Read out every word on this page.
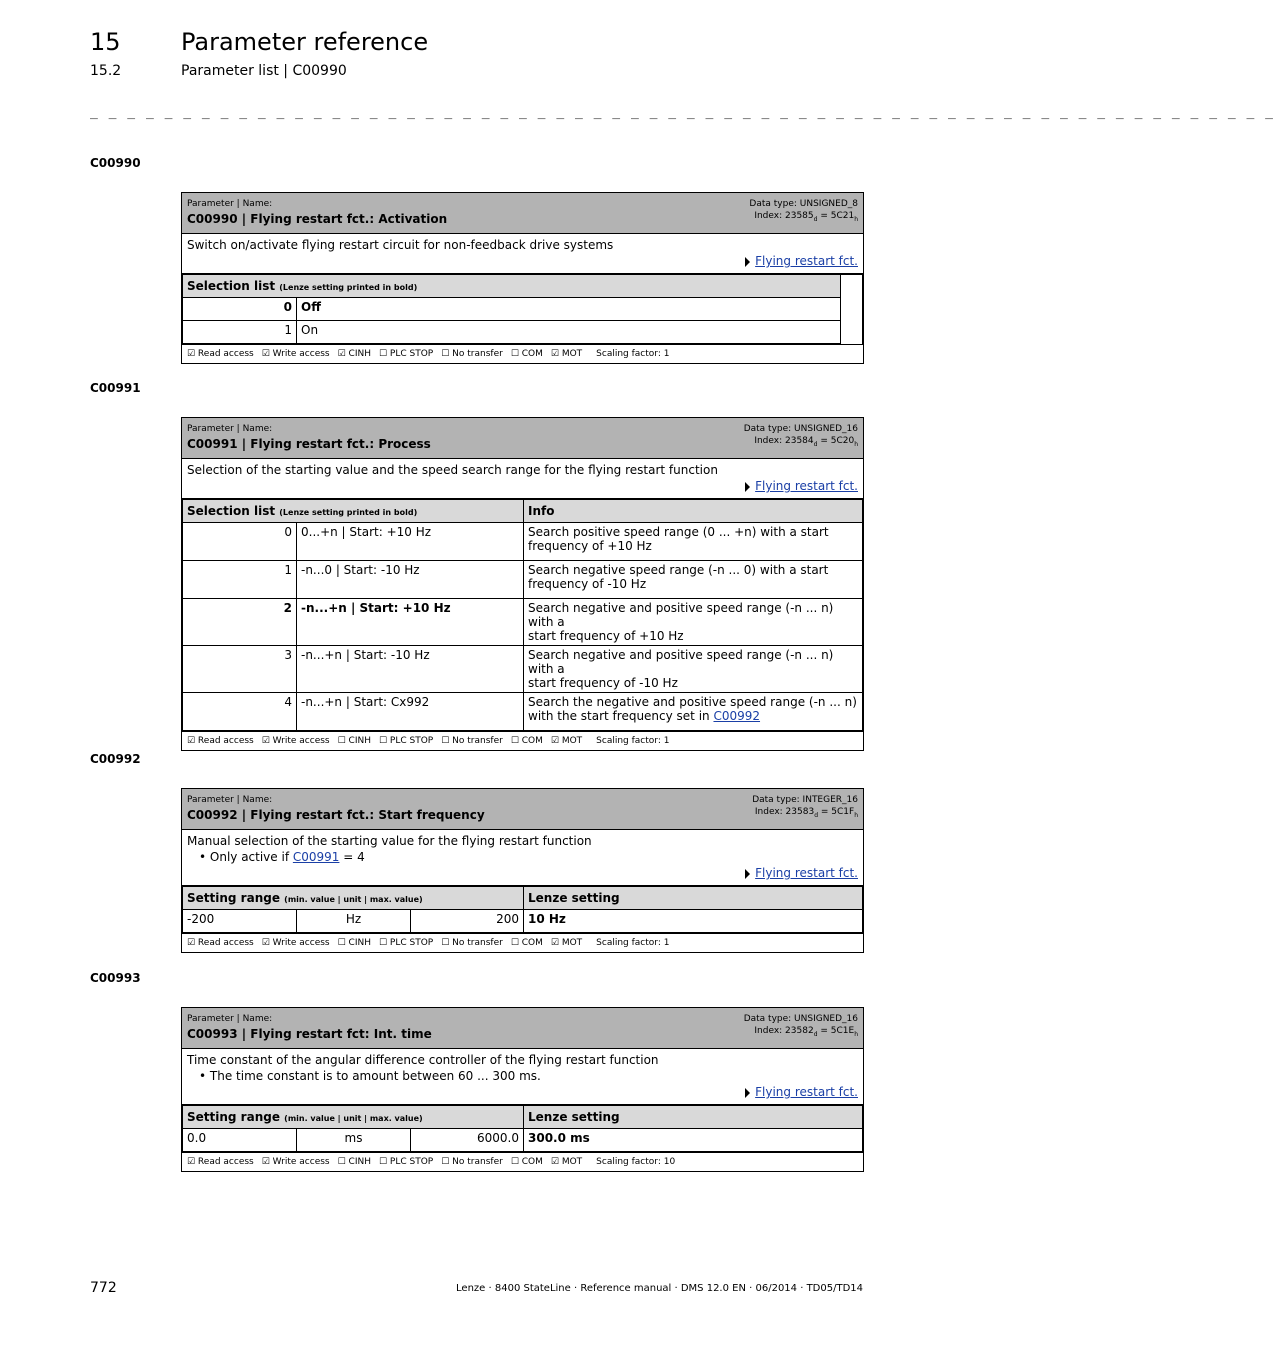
15	Parameter reference
15.2	Parameter list | C00990
_ _ _ _ _ _ _ _ _ _ _ _ _ _ _ _ _ _ _ _ _ _ _ _ _ _ _ _ _ _ _ _ _ _ _ _ _ _ _ _ _ _ _ _ _ _ _ _ _ _ _ _ _ _ _ _ _ _ _ _ _ _ _ _
C00990
Parameter | Name:
C00990 | Flying restart fct.: Activation
Data type: UNSIGNED_8
Index: $23585_d = 5C21_h$
Switch on/activate flying restart circuit for non-feedback drive systems
Flying restart fct.
Selection list (Lenze setting printed in bold)		
0	Off	
1	On	
☑ Read access ☑ Write access ☑ CINH ☐ PLC STOP ☐ No transfer ☐ COM ☑ MOT Scaling factor: 1
C00991
Parameter | Name:
C00991 | Flying restart fct.: Process
Data type: UNSIGNED_16
Index: $23584_d = 5C20_h$
Selection of the starting value and the speed search range for the flying restart function
Flying restart fct.
Selection list (Lenze setting printed in bold)		Info
0	0...+n | Start: +10 Hz	Search positive speed range (0 ... +n) with a start
frequency of +10 Hz

1	-n...0 | Start: -10 Hz	Search negative speed range (-n ... 0) with a start
frequency of -10 Hz

2	-n...+n | Start: +10 Hz	Search negative and positive speed range (-n ... n) with a
start frequency of +10 Hz

3	-n...+n | Start: -10 Hz	Search negative and positive speed range (-n ... n) with a
start frequency of -10 Hz

4	-n...+n | Start: Cx992	Search the negative and positive speed range (-n ... n)
with the start frequency set in C00992
☑ Read access ☑ Write access ☐ CINH ☐ PLC STOP ☐ No transfer ☐ COM ☑ MOT Scaling factor: 1
C00992
Parameter | Name:
C00992 | Flying restart fct.: Start frequency
Data type: INTEGER_16
Index: $23583_d = 5C1F_h$
Manual selection of the starting value for the flying restart function
• Only active if C00991 = 4
Flying restart fct.
Setting range (min. value | unit | max. value)			Lenze setting
-200	Hz	200	10 Hz
☑ Read access ☑ Write access ☐ CINH ☐ PLC STOP ☐ No transfer ☐ COM ☑ MOT Scaling factor: 1
C00993
Parameter | Name:
C00993 | Flying restart fct: Int. time
Data type: UNSIGNED_16
Index: $23582_d = 5C1E_h$
Time constant of the angular difference controller of the flying restart function
• The time constant is to amount between 60 ... 300 ms.
Flying restart fct.
Setting range (min. value | unit | max. value)			Lenze setting
0.0	ms	6000.0	300.0 ms
☑ Read access ☑ Write access ☐ CINH ☐ PLC STOP ☐ No transfer ☐ COM ☑ MOT Scaling factor: 10
772	Lenze · 8400 StateLine · Reference manual · DMS 12.0 EN · 06/2014 · TD05/TD14
